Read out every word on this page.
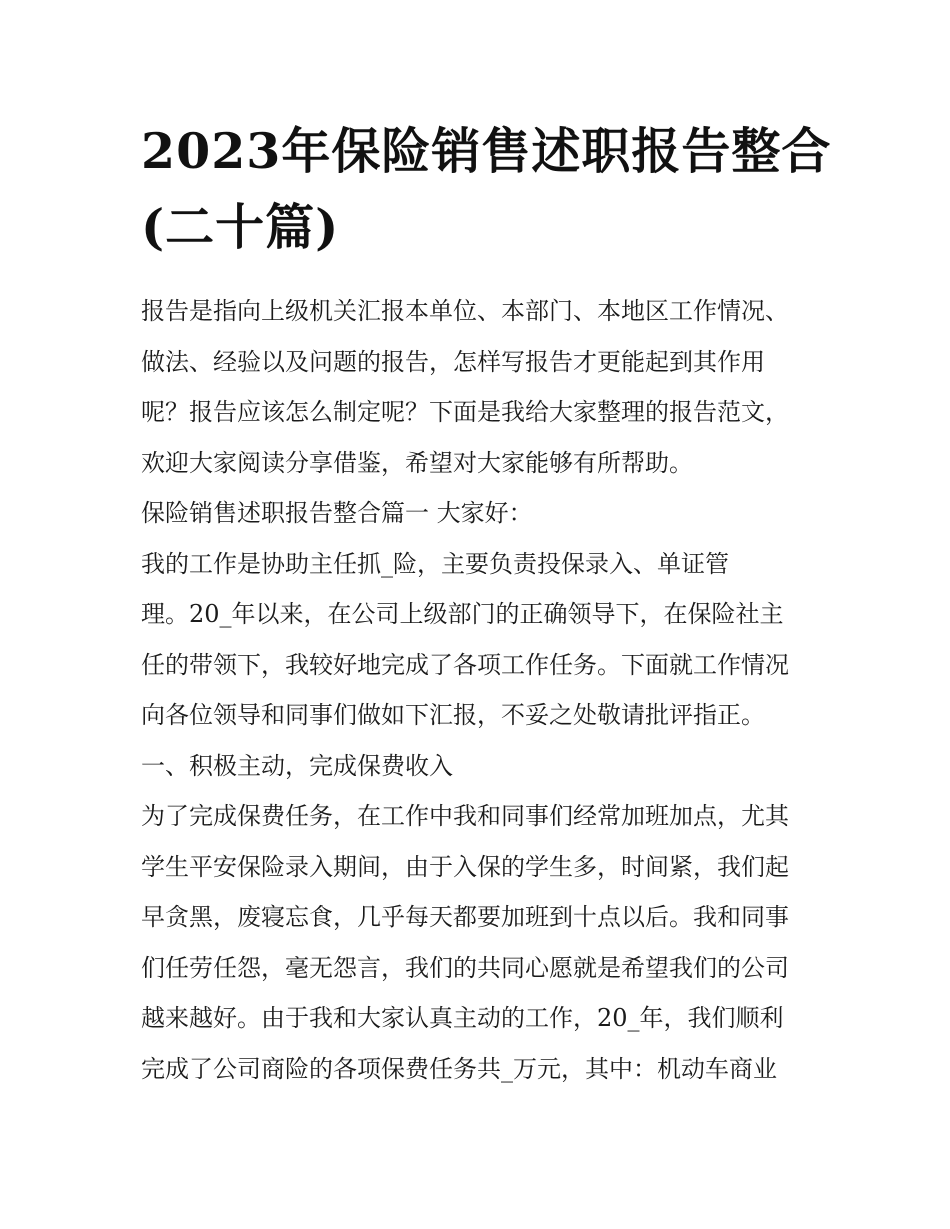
2023年保险销售述职报告整合
(二十篇)
报告是指向上级机关汇报本单位、本部门、本地区工作情况、
做法、经验以及问题的报告，怎样写报告才更能起到其作用
呢？报告应该怎么制定呢？下面是我给大家整理的报告范文，
欢迎大家阅读分享借鉴，希望对大家能够有所帮助。
保险销售述职报告整合篇一 大家好：
我的工作是协助主任抓_险，主要负责投保录入、单证管
理。20_年以来，在公司上级部门的正确领导下，在保险社主
任的带领下，我较好地完成了各项工作任务。下面就工作情况
向各位领导和同事们做如下汇报，不妥之处敬请批评指正。
一、积极主动，完成保费收入
为了完成保费任务，在工作中我和同事们经常加班加点，尤其
学生平安保险录入期间，由于入保的学生多，时间紧，我们起
早贪黑，废寝忘食，几乎每天都要加班到十点以后。我和同事
们任劳任怨，毫无怨言，我们的共同心愿就是希望我们的公司
越来越好。由于我和大家认真主动的工作，20_年，我们顺利
完成了公司商险的各项保费任务共_万元，其中：机动车商业
